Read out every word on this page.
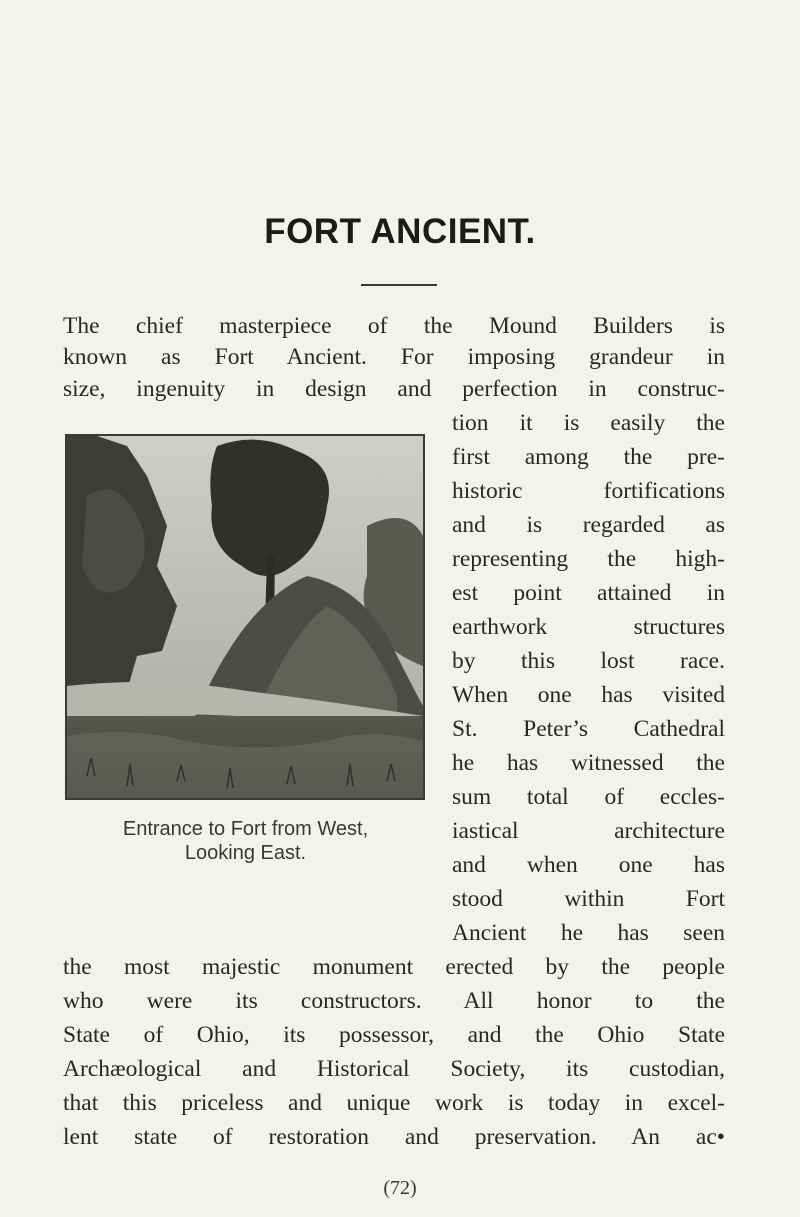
FORT ANCIENT.
The chief masterpiece of the Mound Builders is
known as Fort Ancient. For imposing grandeur in
size, ingenuity in design and perfection in construc-
tion it is easily the
first among the pre-
historic fortifications
and is regarded as
representing the high-
est point attained in
earthwork structures
by this lost race.
When one has visited
St. Peter’s Cathedral
he has witnessed the
sum total of eccles-
iastical architecture
and when one has
stood within Fort
Ancient he has seen
the most majestic monument erected by the people
who were its constructors. All honor to the
State of Ohio, its possessor, and the Ohio State
Archæological and Historical Society, its custodian,
that this priceless and unique work is today in excel-
lent state of restoration and preservation. An ac•
Entrance to Fort from West,
Looking East.
(72)
